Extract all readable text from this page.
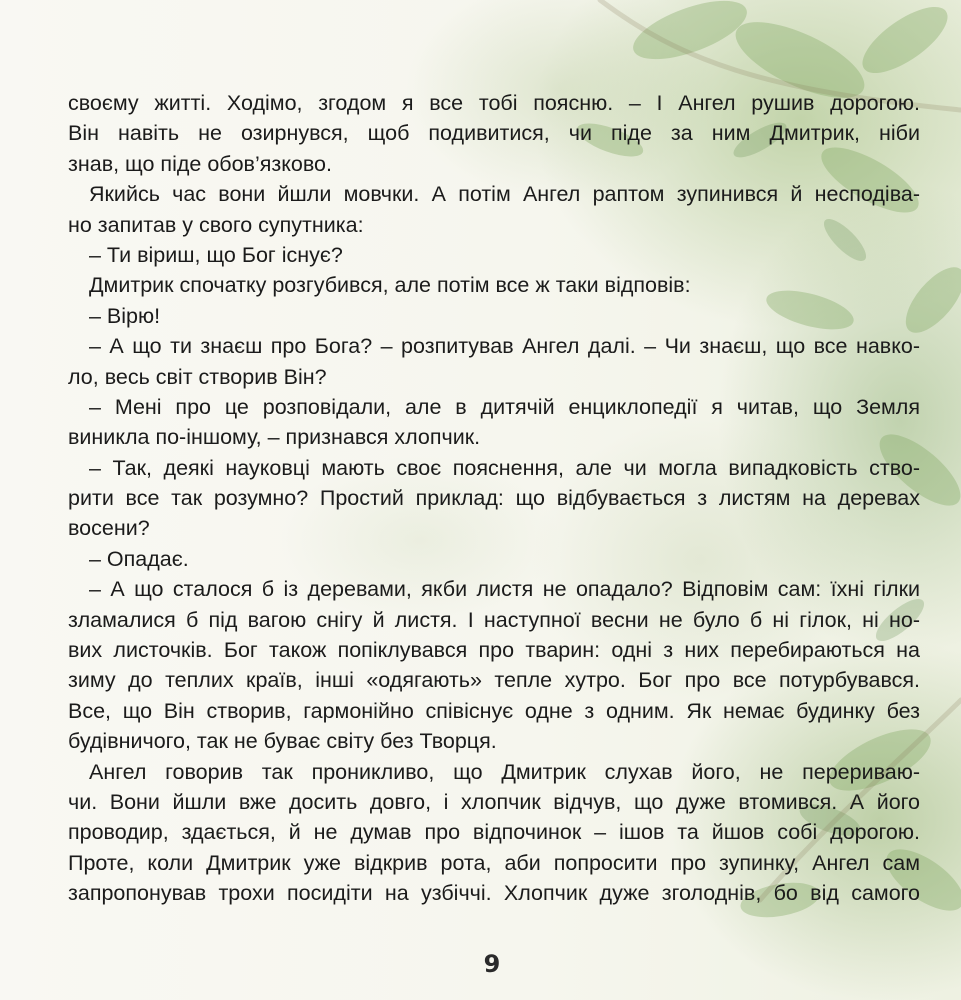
своєму житті. Ходімо, згодом я все тобі поясню. – І Ангел рушив дорогою.
Він навіть не озирнувся, щоб подивитися, чи піде за ним Дмитрик, ніби
знав, що піде обов’язково.
Якийсь час вони йшли мовчки. А потім Ангел раптом зупинився й несподіва-
но запитав у свого супутника:
– Ти віриш, що Бог існує?
Дмитрик спочатку розгубився, але потім все ж таки відповів:
– Вірю!
– А що ти знаєш про Бога? – розпитував Ангел далі. – Чи знаєш, що все навко-
ло, весь світ створив Він?
– Мені про це розповідали, але в дитячій енциклопедії я читав, що Земля
виникла по-іншому, – признався хлопчик.
– Так, деякі науковці мають своє пояснення, але чи могла випадковість ство-
рити все так розумно? Простий приклад: що відбувається з листям на деревах
восени?
– Опадає.
– А що сталося б із деревами, якби листя не опадало? Відповім сам: їхні гілки
зламалися б під вагою снігу й листя. І наступної весни не було б ні гілок, ні но-
вих листочків. Бог також попіклувався про тварин: одні з них перебираються на
зиму до теплих країв, інші «одягають» тепле хутро. Бог про все потурбувався.
Все, що Він створив, гармонійно співіснує одне з одним. Як немає будинку без
будівничого, так не буває світу без Творця.
Ангел говорив так проникливо, що Дмитрик слухав його, не перериваю-
чи. Вони йшли вже досить довго, і хлопчик відчув, що дуже втомився. А його
проводир, здається, й не думав про відпочинок – ішов та йшов собі дорогою.
Проте, коли Дмитрик уже відкрив рота, аби попросити про зупинку, Ангел сам
запропонував трохи посидіти на узбіччі. Хлопчик дуже зголоднів, бо від самого
9
